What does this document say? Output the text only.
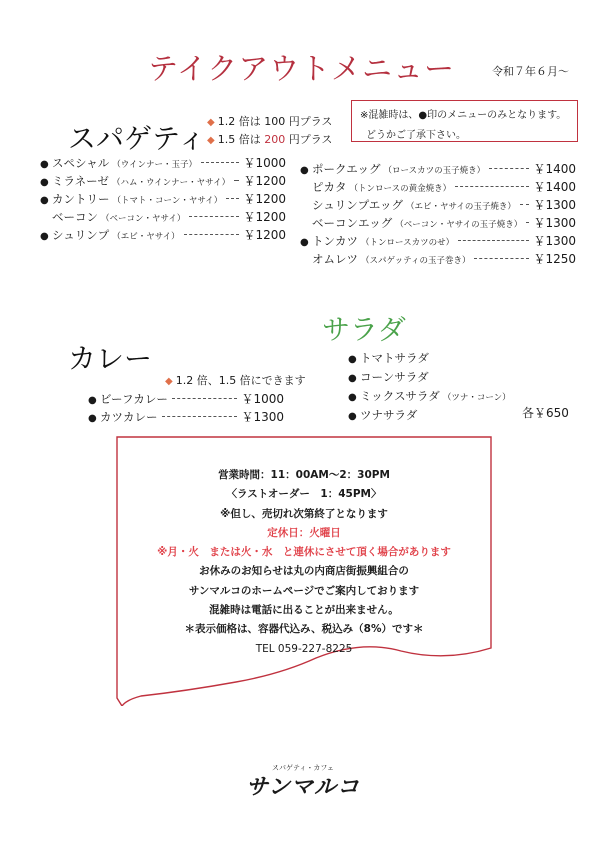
テイクアウトメニュー	令和７年６月～
※混雑時は、●印のメニューのみとなります。
どうかご了承下さい。
スパゲティ ◆ 1.2 倍は 100 円プラス
◆ 1.5 倍は 200 円プラス
● スペシャル （ウインナー・玉子）	￥1000
● ミラネーゼ （ハム・ウインナー・ヤサイ） ￥1200
● カントリー （トマト・コーン・ヤサイ） ￥1200
ベーコン （ベーコン・ヤサイ）	￥1200
● シュリンプ （エビ・ヤサイ）	￥1200
● ポークエッグ （ロースカツの玉子焼き）	￥1400
ピカタ （トンロースの黄金焼き）	￥1400
シュリンプエッグ （エビ・ヤサイの玉子焼き） ￥1300
ベーコンエッグ （ベーコン・ヤサイの玉子焼き） ￥1300
● トンカツ （トンロースカツのせ）	￥1300
オムレツ （スパゲッティの玉子巻き）	￥1250
カレー
◆ 1.2 倍、1.5 倍にできます
● ビーフカレー	￥1000
● カツカレー	￥1300
サラダ
● トマトサラダ
● コーンサラダ
● ミックスサラダ （ツナ・コーン）
● ツナサラダ	各￥650
営業時間：11：00AM～2：30PM
〈ラストオーダー　1：45PM〉
※但し、売切れ次第終了となります
定休日：火曜日
※月・火　または火・水　と連休にさせて頂く場合があります
お休みのお知らせは丸の内商店街振興組合の
サンマルコのホームページでご案内しております
混雑時は電話に出ることが出来ません。
＊表示価格は、容器代込み、税込み（8%）です＊
TEL 059-227-8225
スパゲティ・カフェ
サンマルコ
